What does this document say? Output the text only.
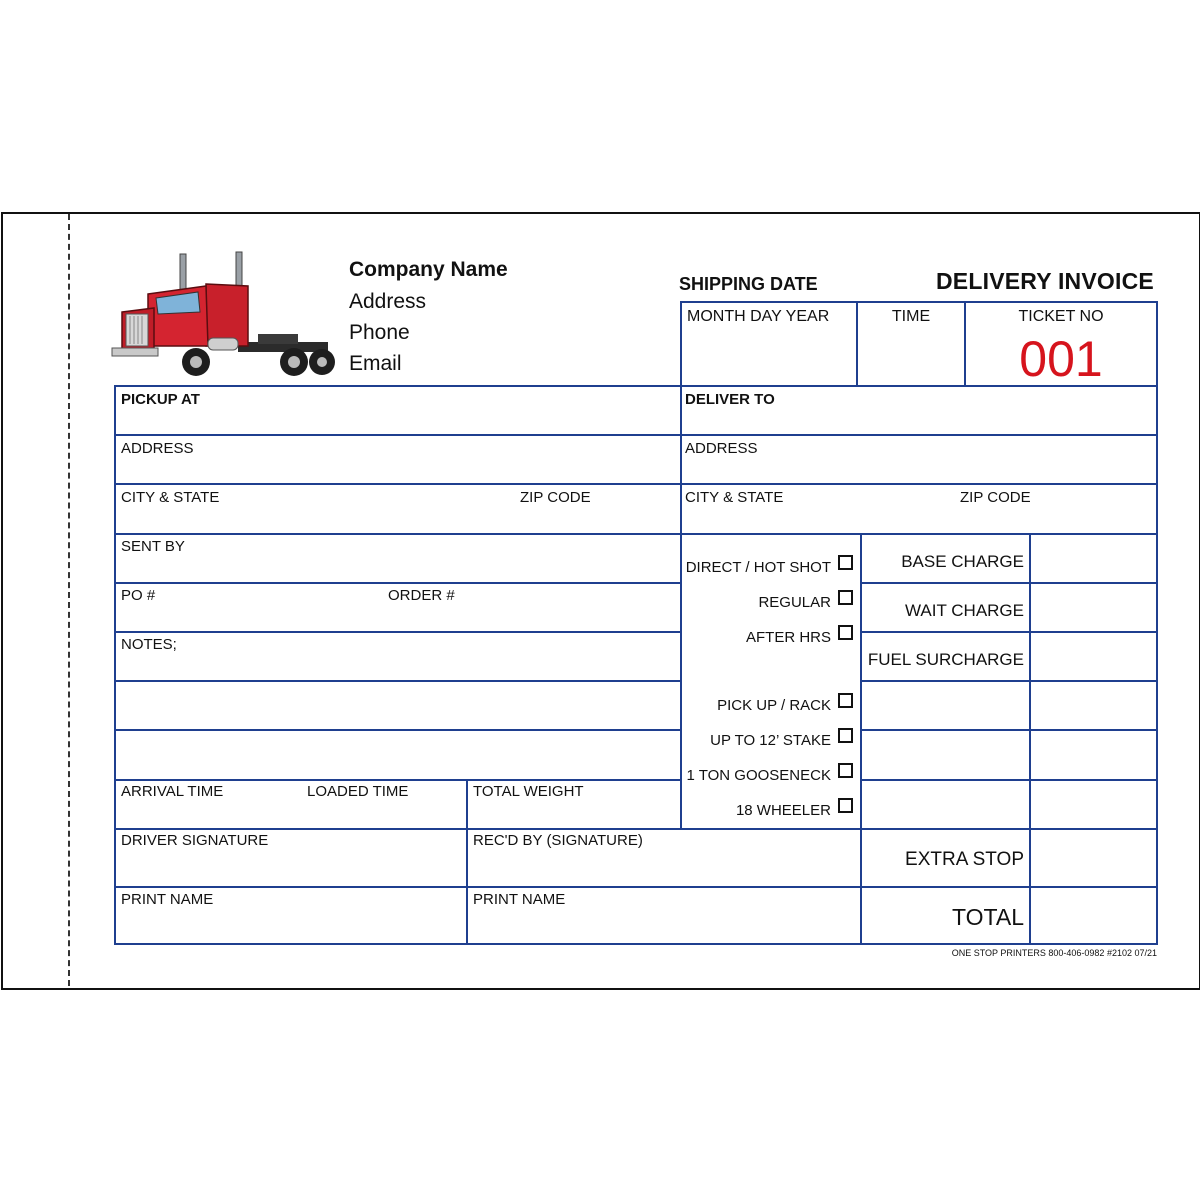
Company Name
Address
Phone
Email
SHIPPING DATE	DELIVERY INVOICE
MONTH DAY YEAR	TIME	TICKET NO
001
PICKUP AT	DELIVER TO
ADDRESS	ADDRESS
CITY & STATE	ZIP CODE	CITY & STATE	ZIP CODE
SENT BY
PO #	ORDER #
NOTES;
ARRIVAL TIME	LOADED TIME	TOTAL WEIGHT
DRIVER SIGNATURE	REC'D BY (SIGNATURE)
PRINT NAME	PRINT NAME
DIRECT / HOT SHOT
REGULAR
AFTER HRS
PICK UP / RACK
UP TO 12’ STAKE
1 TON GOOSENECK
18 WHEELER
BASE CHARGE
WAIT CHARGE
FUEL SURCHARGE
EXTRA STOP
TOTAL
ONE STOP PRINTERS 800-406-0982 #2102 07/21
